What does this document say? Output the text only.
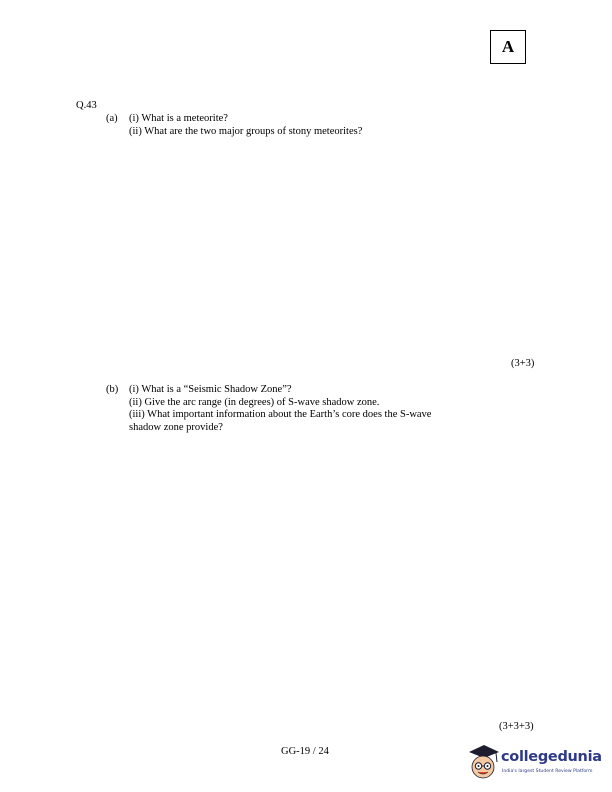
A
Q.43
(a) (i) What is a meteorite?
(ii) What are the two major groups of stony meteorites?
(3+3)
(b) (i) What is a “Seismic Shadow Zone”?
(ii) Give the arc range (in degrees) of S-wave shadow zone.
(iii) What important information about the Earth’s core does the S-wave
shadow zone provide?
(3+3+3)
GG-19 / 24	collegedunia
India's largest Student Review Platform
